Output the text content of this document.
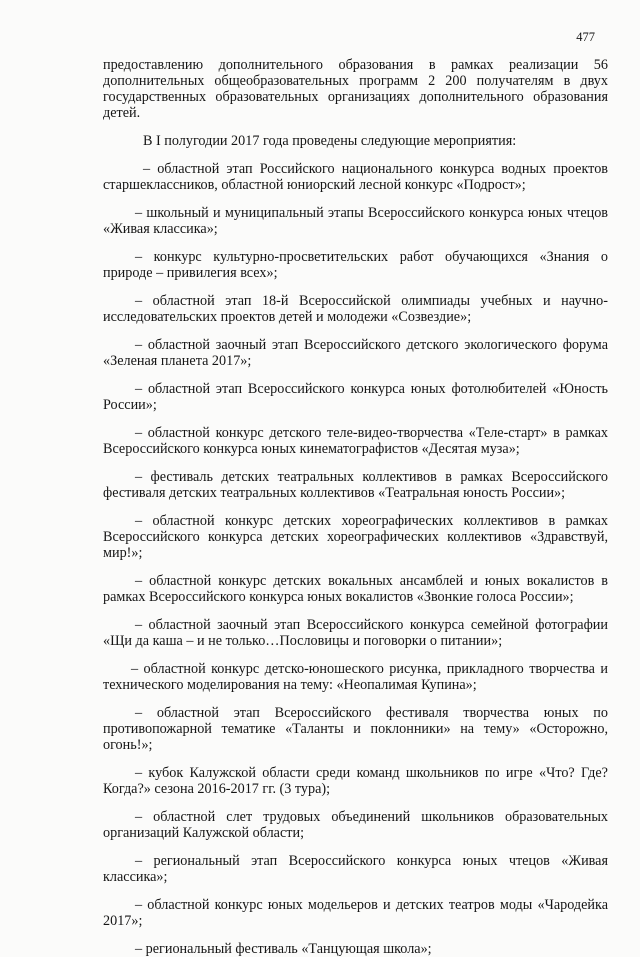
477
предоставлению дополнительного образования в рамках реализации 56
дополнительных общеобразовательных программ 2 200 получателям в двух
государственных образовательных организациях дополнительного образования
детей.
В I полугодии 2017 года проведены следующие мероприятия:
– областной этап Российского национального конкурса водных проектов
старшеклассников, областной юниорский лесной конкурс «Подрост»;
– школьный и муниципальный этапы Всероссийского конкурса юных чтецов
«Живая классика»;
– конкурс культурно-просветительских работ обучающихся «Знания о
природе – привилегия всех»;
– областной этап 18-й Всероссийской олимпиады учебных и научно-
исследовательских проектов детей и молодежи «Созвездие»;
– областной заочный этап Всероссийского детского экологического форума
«Зеленая планета 2017»;
– областной этап Всероссийского конкурса юных фотолюбителей «Юность
России»;
– областной конкурс детского теле-видео-творчества «Теле-старт» в рамках
Всероссийского конкурса юных кинематографистов «Десятая муза»;
– фестиваль детских театральных коллективов в рамках Всероссийского
фестиваля детских театральных коллективов «Театральная юность России»;
– областной конкурс детских хореографических коллективов в рамках
Всероссийского конкурса детских хореографических коллективов «Здравствуй,
мир!»;
– областной конкурс детских вокальных ансамблей и юных вокалистов в
рамках Всероссийского конкурса юных вокалистов «Звонкие голоса России»;
– областной заочный этап Всероссийского конкурса семейной фотографии
«Щи да каша – и не только…Пословицы и поговорки о питании»;
– областной конкурс детско-юношеского рисунка, прикладного творчества и
технического моделирования на тему: «Неопалимая Купина»;
– областной этап Всероссийского фестиваля творчества юных по
противопожарной тематике «Таланты и поклонники» на тему» «Осторожно,
огонь!»;
– кубок Калужской области среди команд школьников по игре «Что? Где?
Когда?» сезона 2016-2017 гг. (3 тура);
– областной слет трудовых объединений школьников образовательных
организаций Калужской области;
– региональный этап Всероссийского конкурса юных чтецов «Живая
классика»;
– областной конкурс юных модельеров и детских театров моды «Чародейка
2017»;
– региональный фестиваль «Танцующая школа»;
